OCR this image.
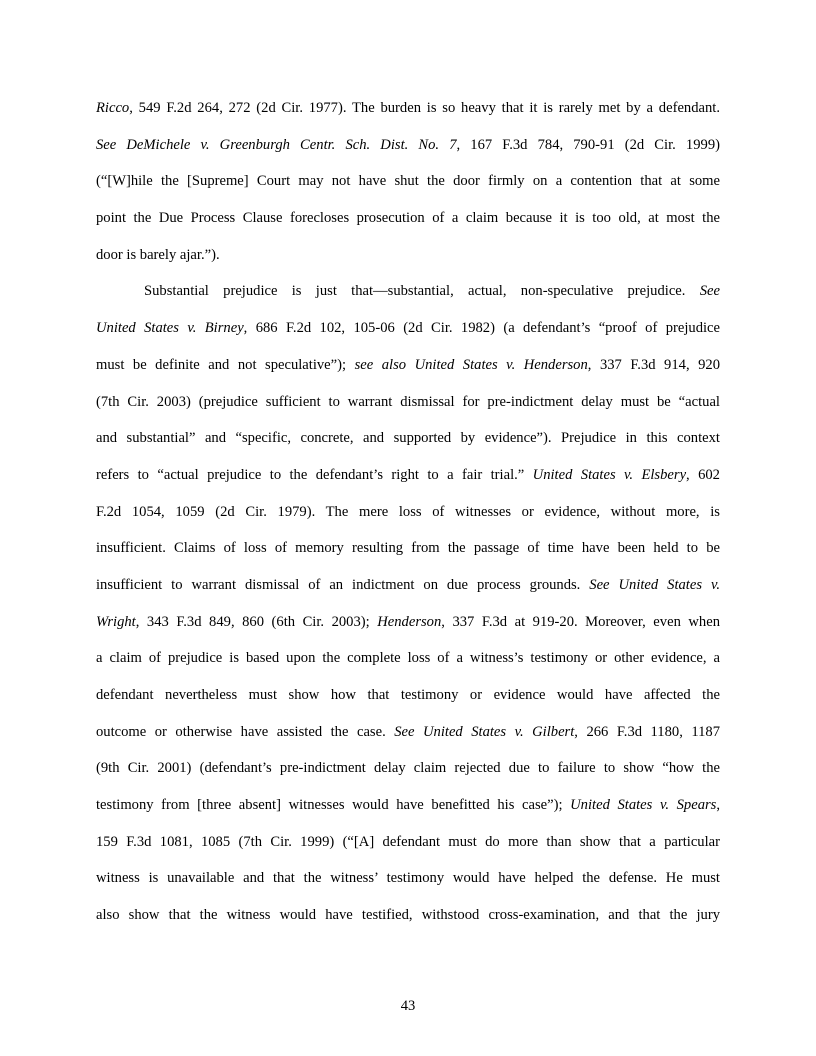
Ricco, 549 F.2d 264, 272 (2d Cir. 1977). The burden is so heavy that it is rarely met by a defendant.
See DeMichele v. Greenburgh Centr. Sch. Dist. No. 7, 167 F.3d 784, 790-91 (2d Cir. 1999)
(“[W]hile the [Supreme] Court may not have shut the door firmly on a contention that at some
point the Due Process Clause forecloses prosecution of a claim because it is too old, at most the
door is barely ajar.”).
Substantial prejudice is just that—substantial, actual, non-speculative prejudice. See
United States v. Birney, 686 F.2d 102, 105-06 (2d Cir. 1982) (a defendant’s “proof of prejudice
must be definite and not speculative”); see also United States v. Henderson, 337 F.3d 914, 920
(7th Cir. 2003) (prejudice sufficient to warrant dismissal for pre-indictment delay must be “actual
and substantial” and “specific, concrete, and supported by evidence”). Prejudice in this context
refers to “actual prejudice to the defendant’s right to a fair trial.” United States v. Elsbery, 602
F.2d 1054, 1059 (2d Cir. 1979). The mere loss of witnesses or evidence, without more, is
insufficient. Claims of loss of memory resulting from the passage of time have been held to be
insufficient to warrant dismissal of an indictment on due process grounds. See United States v.
Wright, 343 F.3d 849, 860 (6th Cir. 2003); Henderson, 337 F.3d at 919-20. Moreover, even when
a claim of prejudice is based upon the complete loss of a witness’s testimony or other evidence, a
defendant nevertheless must show how that testimony or evidence would have affected the
outcome or otherwise have assisted the case. See United States v. Gilbert, 266 F.3d 1180, 1187
(9th Cir. 2001) (defendant’s pre-indictment delay claim rejected due to failure to show “how the
testimony from [three absent] witnesses would have benefitted his case”); United States v. Spears,
159 F.3d 1081, 1085 (7th Cir. 1999) (“[A] defendant must do more than show that a particular
witness is unavailable and that the witness’ testimony would have helped the defense. He must
also show that the witness would have testified, withstood cross-examination, and that the jury
43
